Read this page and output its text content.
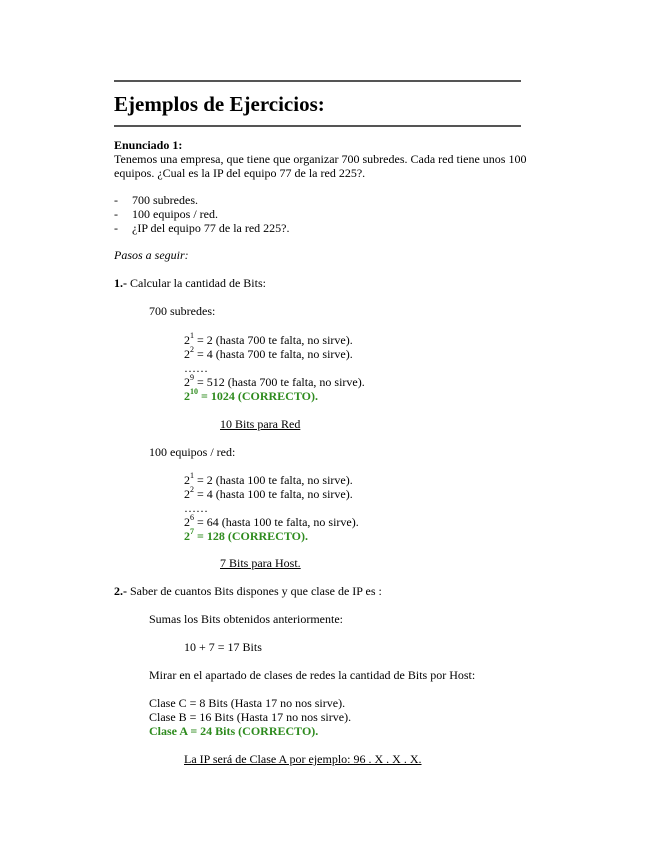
Ejemplos de Ejercicios:
Enunciado 1:
Tenemos una empresa, que tiene que organizar 700 subredes. Cada red tiene unos 100
equipos. ¿Cual es la IP del equipo 77 de la red 225?.
- 700 subredes.
- 100 equipos / red.
- ¿IP del equipo 77 de la red 225?.
Pasos a seguir:
1.- Calcular la cantidad de Bits:
700 subredes:
$2^1 = 2$ (hasta 700 te falta, no sirve).
$2^2 = 4$ (hasta 700 te falta, no sirve).
……
$2^9 = 512$ (hasta 700 te falta, no sirve).
$2^{10} = 1024$ (CORRECTO).
10 Bits para Red
100 equipos / red:
$2^1 = 2$ (hasta 100 te falta, no sirve).
$2^2 = 4$ (hasta 100 te falta, no sirve).
……
$2^6 = 64$ (hasta 100 te falta, no sirve).
$2^7 = 128$ (CORRECTO).
7 Bits para Host.
2.- Saber de cuantos Bits dispones y que clase de IP es :
Sumas los Bits obtenidos anteriormente:
10 + 7 = 17 Bits
Mirar en el apartado de clases de redes la cantidad de Bits por Host:
Clase C = 8 Bits (Hasta 17 no nos sirve).
Clase B = 16 Bits (Hasta 17 no nos sirve).
Clase A = 24 Bits (CORRECTO).
La IP será de Clase A por ejemplo: 96 . X . X . X.
